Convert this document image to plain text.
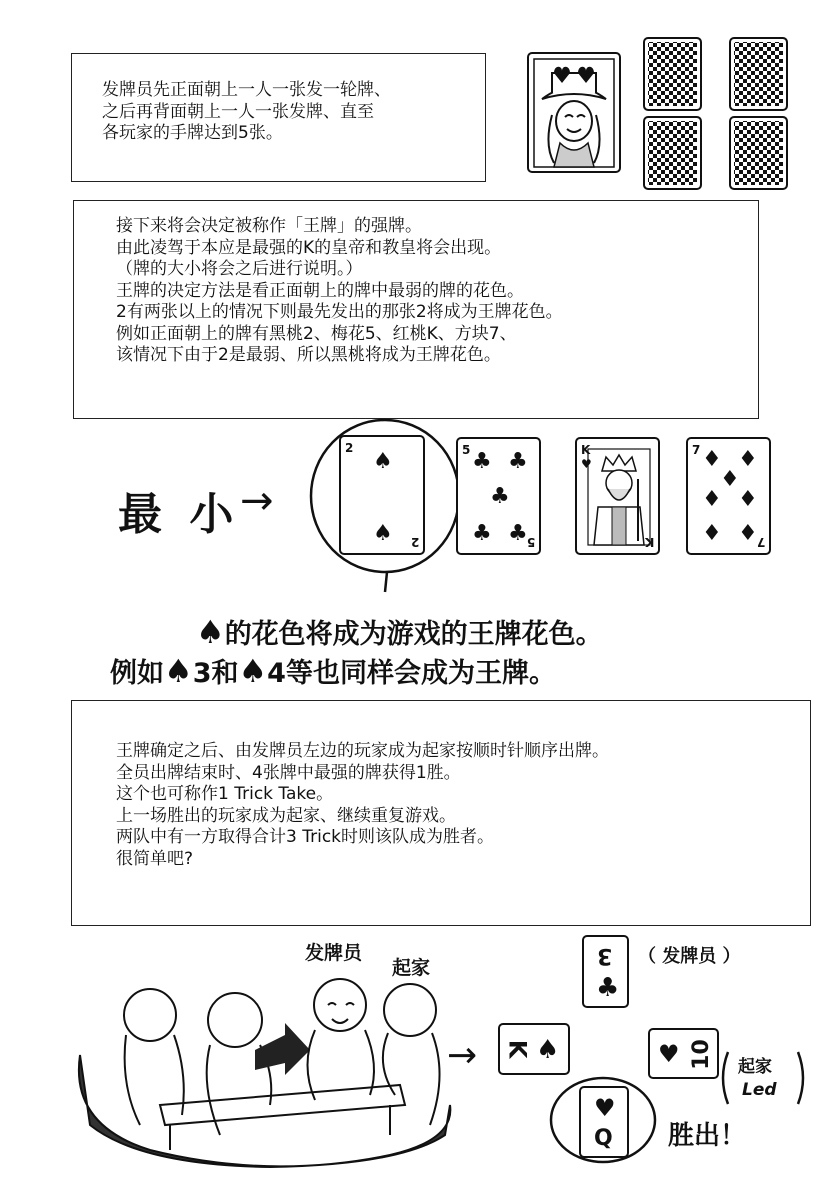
发牌员先正面朝上一人一张发一轮牌、

之后再背面朝上一人一张发牌、直至

各玩家的手牌达到5张。

接下来将会决定被称作「王牌」的强牌。

由此凌驾于本应是最强的K的皇帝和教皇将会出现。

（牌的大小将会之后进行说明。）

王牌的决定方法是看正面朝上的牌中最弱的牌的花色。

2有两张以上的情况下则最先发出的那张2将成为王牌花色。

例如正面朝上的牌有黑桃2、梅花5、红桃K、方块7、

该情况下由于2是最弱、所以黑桃将成为王牌花色。

最 小 →
2
♠
♠ 2
5 ♣ ♣
♣
♣ ♣
5
K
♥
K
7 ♦ ♦
♦
♦ ♦
♦ ♦
7
♠的花色将成为游戏的王牌花色。
例如♠3和♠4等也同样会成为王牌。

王牌确定之后、由发牌员左边的玩家成为起家按顺时针顺序出牌。

全员出牌结束时、4张牌中最强的牌获得1胜。

这个也可称作1 Trick Take。

上一场胜出的玩家成为起家、继续重复游戏。

两队中有一方取得合计3 Trick时则该队成为胜者。

很简单吧?

发牌员
起家
→
3
♣
（ 发牌员 ）
K ♠	♥ 10 起家
Led
♥
Q 胜出！
